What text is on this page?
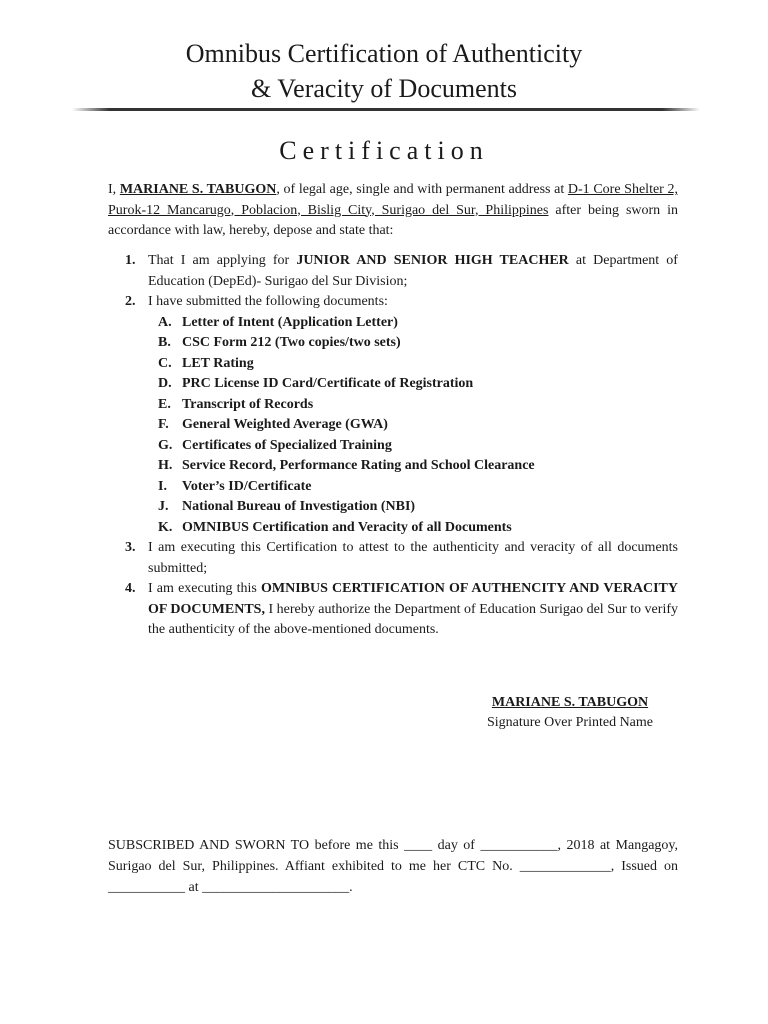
Omnibus Certification of Authenticity
& Veracity of Documents
Certification

I, MARIANE S. TABUGON, of legal age, single and with permanent address at D-1 Core Shelter 2, Purok-12 Mancarugo, Poblacion, Bislig City, Surigao del Sur, Philippines after being sworn in accordance with law, hereby, depose and state that:

1. That I am applying for JUNIOR AND SENIOR HIGH TEACHER at Department of Education (DepEd)- Surigao del Sur Division;
2. I have submitted the following documents:
A. Letter of Intent (Application Letter)
B. CSC Form 212 (Two copies/two sets)
C. LET Rating
D. PRC License ID Card/Certificate of Registration
E. Transcript of Records
F. General Weighted Average (GWA)
G. Certificates of Specialized Training
H. Service Record, Performance Rating and School Clearance
I. Voter’s ID/Certificate
J. National Bureau of Investigation (NBI)
K. OMNIBUS Certification and Veracity of all Documents
3. I am executing this Certification to attest to the authenticity and veracity of all documents submitted;
4. I am executing this OMNIBUS CERTIFICATION OF AUTHENCITY AND VERACITY OF DOCUMENTS, I hereby authorize the Department of Education Surigao del Sur to verify the authenticity of the above-mentioned documents.
MARIANE S. TABUGON
Signature Over Printed Name

SUBSCRIBED AND SWORN TO before me this ____ day of ___________, 2018 at Mangagoy, Surigao del Sur, Philippines. Affiant exhibited to me her CTC No. _____________, Issued on ___________ at _____________________.
